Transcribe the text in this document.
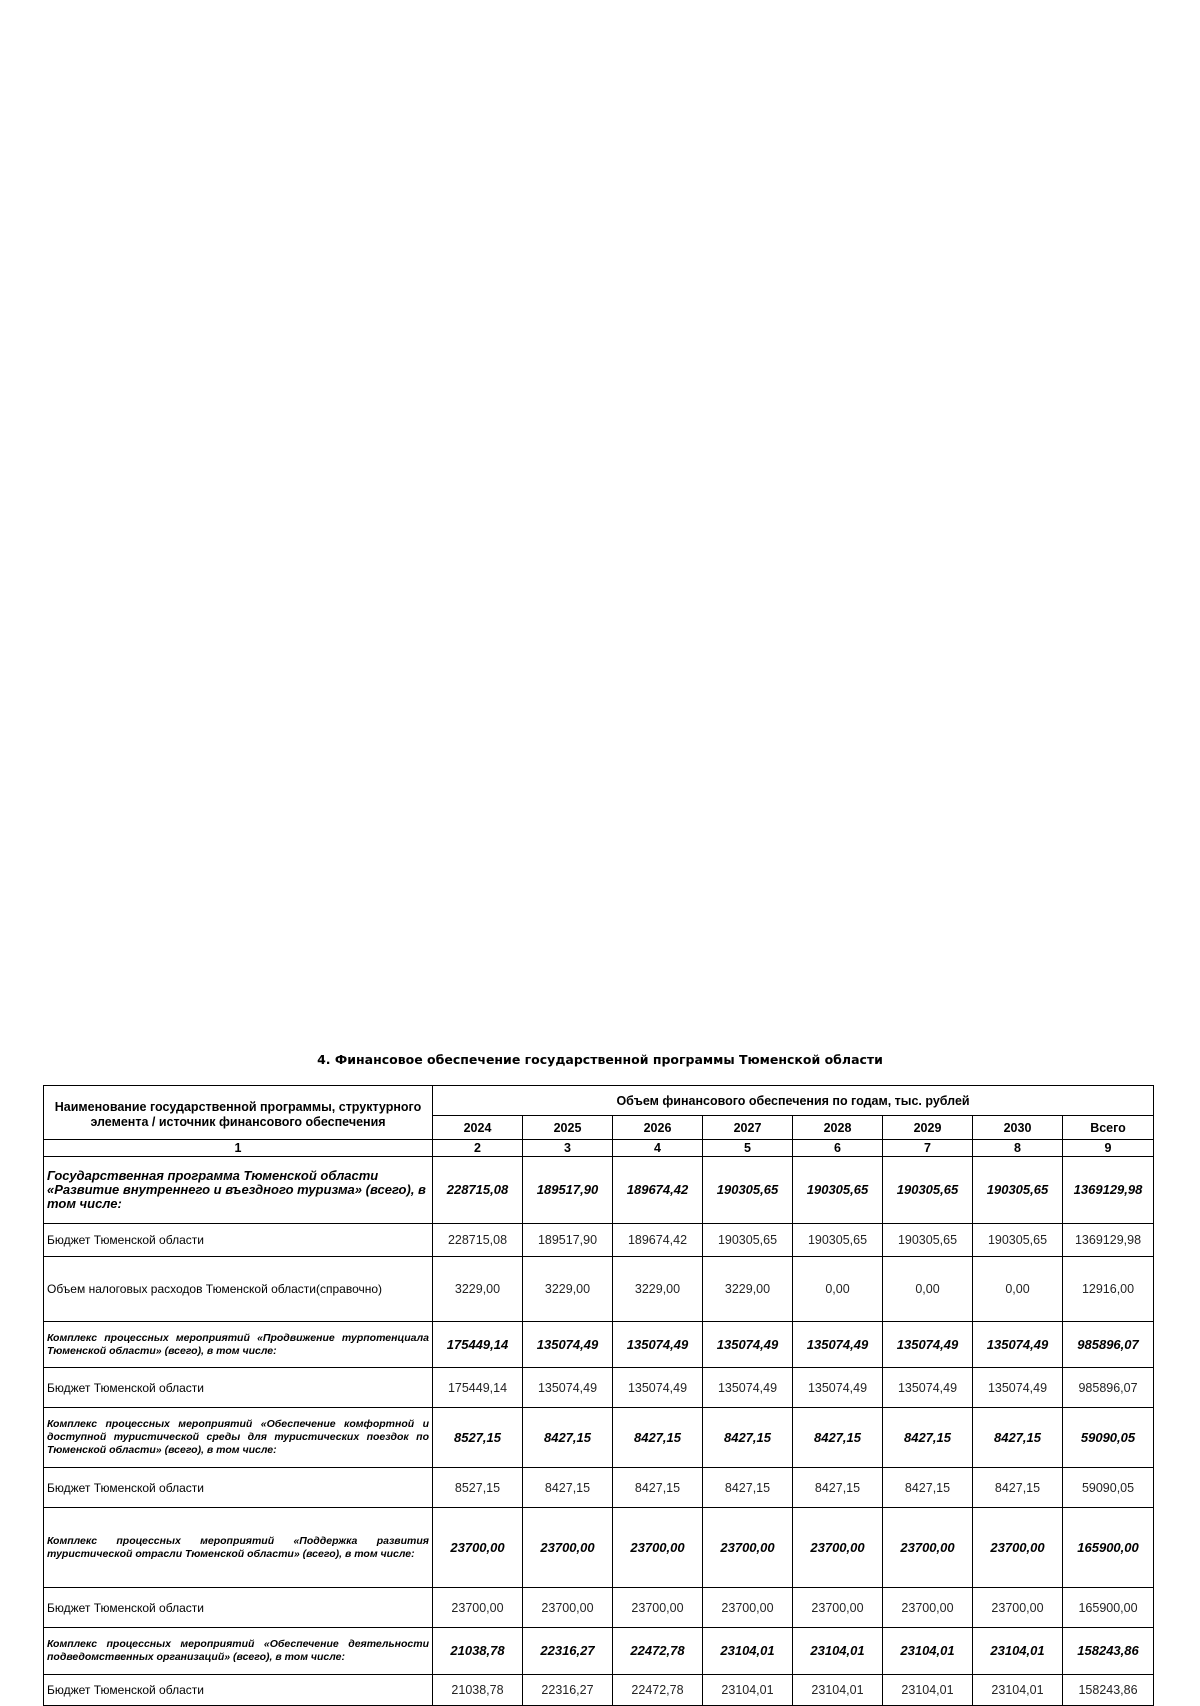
4. Финансовое обеспечение государственной программы Тюменской области
Наименование государственной программы, структурного элемента / источник финансового обеспечения	Объем финансового обеспечения по годам, тыс. рублей							
	2024	2025	2026	2027	2028	2029	2030	Всего
1	2	3	4	5	6	7	8	9
Государственная программа Тюменской области «Развитие внутреннего и въездного туризма» (всего), в том числе:	228715,08	189517,90	189674,42	190305,65	190305,65	190305,65	190305,65	1369129,98
Бюджет Тюменской области	228715,08	189517,90	189674,42	190305,65	190305,65	190305,65	190305,65	1369129,98
Объем налоговых расходов Тюменской области(справочно)	3229,00	3229,00	3229,00	3229,00	0,00	0,00	0,00	12916,00
Комплекс процессных мероприятий «Продвижение турпотенциала Тюменской области» (всего), в том числе:	175449,14	135074,49	135074,49	135074,49	135074,49	135074,49	135074,49	985896,07
Бюджет Тюменской области	175449,14	135074,49	135074,49	135074,49	135074,49	135074,49	135074,49	985896,07
Комплекс процессных мероприятий «Обеспечение комфортной и доступной туристической среды для туристических поездок по Тюменской области» (всего), в том числе:	8527,15	8427,15	8427,15	8427,15	8427,15	8427,15	8427,15	59090,05
Бюджет Тюменской области	8527,15	8427,15	8427,15	8427,15	8427,15	8427,15	8427,15	59090,05
Комплекс процессных мероприятий «Поддержка развития туристической отрасли Тюменской области» (всего), в том числе:	23700,00	23700,00	23700,00	23700,00	23700,00	23700,00	23700,00	165900,00
Бюджет Тюменской области	23700,00	23700,00	23700,00	23700,00	23700,00	23700,00	23700,00	165900,00
Комплекс процессных мероприятий «Обеспечение деятельности подведомственных организаций» (всего), в том числе:	21038,78	22316,27	22472,78	23104,01	23104,01	23104,01	23104,01	158243,86
Бюджет Тюменской области	21038,78	22316,27	22472,78	23104,01	23104,01	23104,01	23104,01	158243,86
